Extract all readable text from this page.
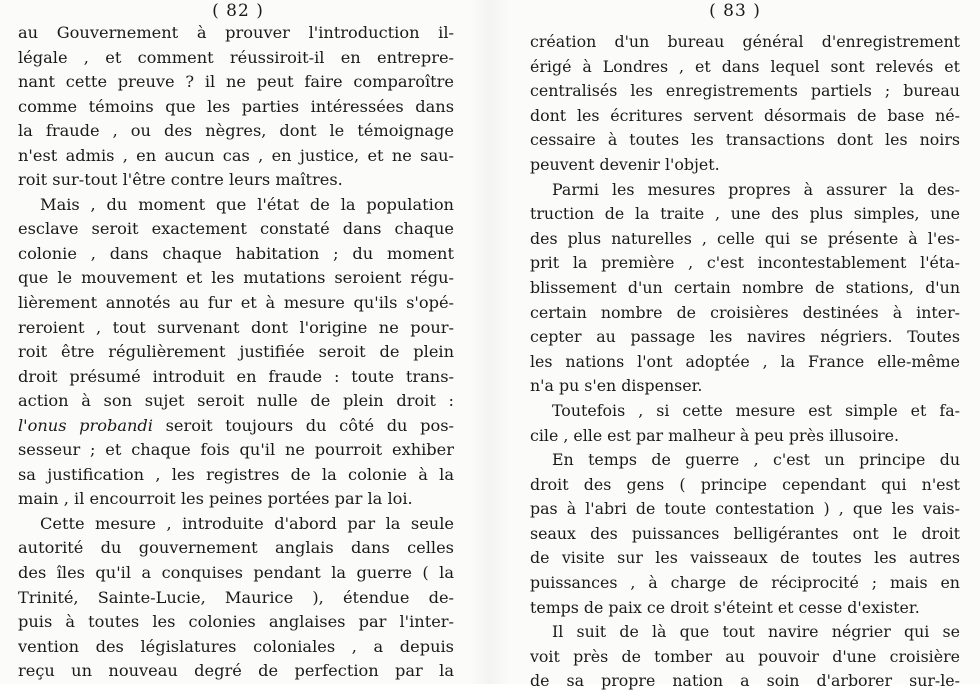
( 82 )
au Gouvernement à prouver l'introduction il-
légale , et comment réussiroit-il en entrepre-
nant cette preuve ? il ne peut faire comparoître
comme témoins que les parties intéressées dans
la fraude , ou des nègres, dont le témoignage
n'est admis , en aucun cas , en justice, et ne sau-
roit sur-tout l'être contre leurs maîtres.
Mais , du moment que l'état de la population
esclave seroit exactement constaté dans chaque
colonie , dans chaque habitation ; du moment
que le mouvement et les mutations seroient régu-
lièrement annotés au fur et à mesure qu'ils s'opé-
reroient , tout survenant dont l'origine ne pour-
roit être régulièrement justifiée seroit de plein
droit présumé introduit en fraude : toute trans-
action à son sujet seroit nulle de plein droit :
l'onus probandi seroit toujours du côté du pos-
sesseur ; et chaque fois qu'il ne pourroit exhiber
sa justification , les registres de la colonie à la
main , il encourroit les peines portées par la loi.
Cette mesure , introduite d'abord par la seule
autorité du gouvernement anglais dans celles
des îles qu'il a conquises pendant la guerre ( la
Trinité, Sainte-Lucie, Maurice ), étendue de-
puis à toutes les colonies anglaises par l'inter-
vention des législatures coloniales , a depuis
reçu un nouveau degré de perfection par la
( 83 )
création d'un bureau général d'enregistrement
érigé à Londres , et dans lequel sont relevés et
centralisés les enregistrements partiels ; bureau
dont les écritures servent désormais de base né-
cessaire à toutes les transactions dont les noirs
peuvent devenir l'objet.
Parmi les mesures propres à assurer la des-
truction de la traite , une des plus simples, une
des plus naturelles , celle qui se présente à l'es-
prit la première , c'est incontestablement l'éta-
blissement d'un certain nombre de stations, d'un
certain nombre de croisières destinées à inter-
cepter au passage les navires négriers. Toutes
les nations l'ont adoptée , la France elle-même
n'a pu s'en dispenser.
Toutefois , si cette mesure est simple et fa-
cile , elle est par malheur à peu près illusoire.
En temps de guerre , c'est un principe du
droit des gens ( principe cependant qui n'est
pas à l'abri de toute contestation ) , que les vais-
seaux des puissances belligérantes ont le droit
de visite sur les vaisseaux de toutes les autres
puissances , à charge de réciprocité ; mais en
temps de paix ce droit s'éteint et cesse d'exister.
Il suit de là que tout navire négrier qui se
voit près de tomber au pouvoir d'une croisière
de sa propre nation a soin d'arborer sur-le-
